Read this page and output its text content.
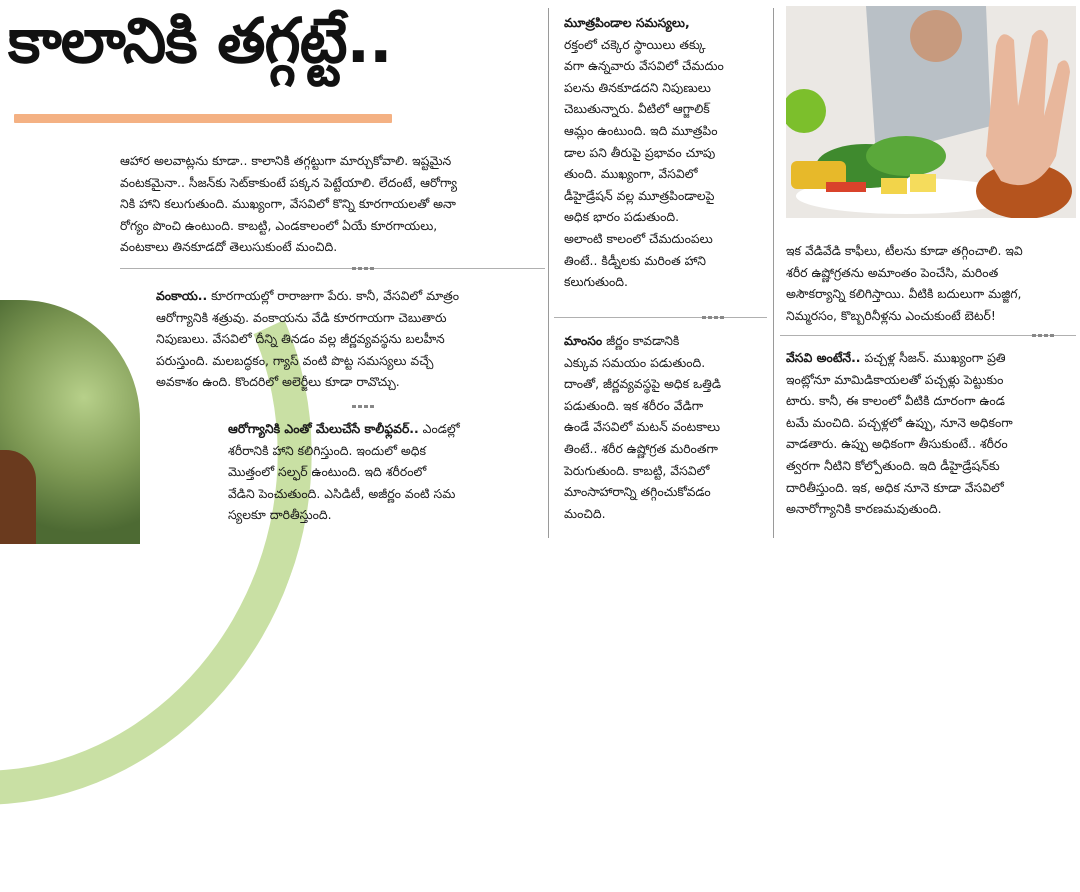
కాలానికి తగ్గట్టే..

ఆహార అలవాట్లను కూడా.. కాలానికి తగ్గట్టుగా మార్చుకోవాలి. ఇష్టమైన

వంటకమైనా.. సీజన్‌కు సెట్‌కాకుంటే పక్కన పెట్టేయాలి. లేదంటే, ఆరోగ్యా

నికి హాని కలుగుతుంది. ముఖ్యంగా, వేసవిలో కొన్ని కూరగాయలతో అనా

రోగ్యం పొంచి ఉంటుంది. కాబట్టి, ఎండకాలంలో ఏయే కూరగాయలు,

వంటకాలు తినకూడదో తెలుసుకుంటే మంచిది.

వంకాయ.. కూరగాయల్లో రారాజుగా పేరు. కానీ, వేసవిలో మాత్రం

ఆరోగ్యానికి శత్రువు. వంకాయను వేడి కూరగాయగా చెబుతారు

నిపుణులు. వేసవిలో దీన్ని తినడం వల్ల జీర్ణవ్యవస్థను బలహీన

పరుస్తుంది. మలబద్ధకం, గ్యాస్ వంటి పొట్ట సమస్యలు వచ్చే

అవకాశం ఉంది. కొందరిలో అలెర్జీలు కూడా రావొచ్చు.

ఆరోగ్యానికి ఎంతో మేలుచేసే కాలీఫ్లవర్.. ఎండల్లో

శరీరానికి హాని కలిగిస్తుంది. ఇందులో అధిక

మొత్తంలో సల్ఫర్ ఉంటుంది. ఇది శరీరంలో

వేడిని పెంచుతుంది. ఎసిడిటీ, అజీర్ణం వంటి సమ

స్యలకూ దారితీస్తుంది.

మూత్రపిండాల సమస్యలు,

రక్తంలో చక్కెర స్థాయిలు తక్కు

వగా ఉన్నవారు వేసవిలో చేమదుం

పలను తినకూడదని నిపుణులు

చెబుతున్నారు. వీటిలో ఆగ్జాలిక్

ఆమ్లం ఉంటుంది. ఇది మూత్రపిం

డాల పని తీరుపై ప్రభావం చూపు

తుంది. ముఖ్యంగా, వేసవిలో

డీహైడ్రేషన్ వల్ల మూత్రపిండాలపై

అధిక భారం పడుతుంది.

అలాంటి కాలంలో చేమదుంపలు

తింటే.. కిడ్నీలకు మరింత హాని

కలుగుతుంది.

మాంసం జీర్ణం కావడానికి

ఎక్కువ సమయం పడుతుంది.

దాంతో, జీర్ణవ్యవస్థపై అధిక ఒత్తిడి

పడుతుంది. ఇక శరీరం వేడిగా

ఉండే వేసవిలో మటన్ వంటకాలు

తింటే.. శరీర ఉష్ణోగ్రత మరింతగా

పెరుగుతుంది. కాబట్టి, వేసవిలో

మాంసాహారాన్ని తగ్గించుకోవడం

మంచిది.

ఇక వేడివేడి కాఫీలు, టీలను కూడా తగ్గించాలి. ఇవి

శరీర ఉష్ణోగ్రతను అమాంతం పెంచేసి, మరింత

అసౌకర్యాన్ని కలిగిస్తాయి. వీటికి బదులుగా మజ్జిగ,

నిమ్మరసం, కొబ్బరినీళ్లను ఎంచుకుంటే బెటర్!

వేసవి అంటేనే.. పచ్చళ్ల సీజన్. ముఖ్యంగా ప్రతి

ఇంట్లోనూ మామిడికాయలతో పచ్చళ్లు పెట్టుకుం

టారు. కానీ, ఈ కాలంలో వీటికి దూరంగా ఉండ

టమే మంచిది. పచ్చళ్లలో ఉప్పు, నూనె అధికంగా

వాడతారు. ఉప్పు అధికంగా తీసుకుంటే.. శరీరం

త్వరగా నీటిని కోల్పోతుంది. ఇది డీహైడ్రేషన్‌కు

దారితీస్తుంది. ఇక, అధిక నూనె కూడా వేసవిలో

అనారోగ్యానికి కారణమవుతుంది.
